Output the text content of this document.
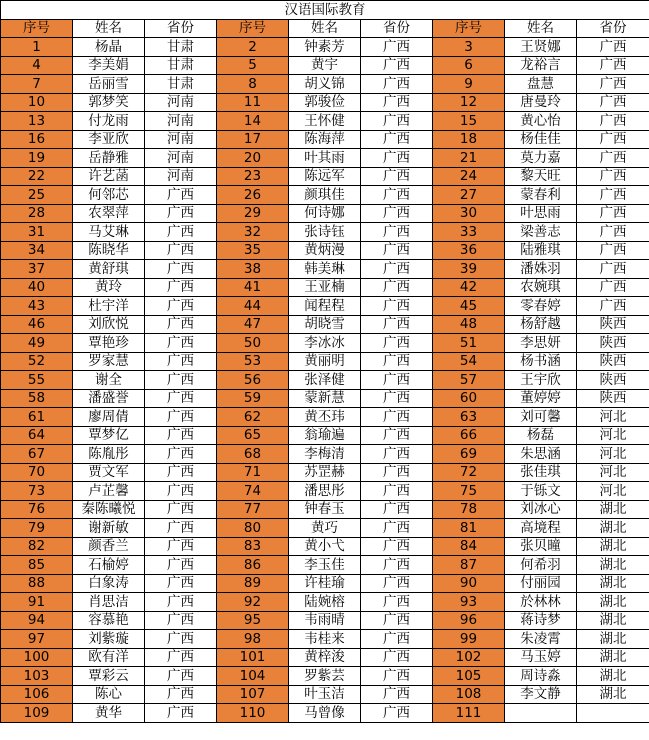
汉语国际教育								
序号	姓名	省份	序号	姓名	省份	序号	姓名	省份
1	杨晶	甘肃	2	钟素芳	广西	3	王贤娜	广西
4	李美娟	甘肃	5	黄宇	广西	6	龙裕言	广西
7	岳丽雪	甘肃	8	胡义锦	广西	9	盘慧	广西
10	郭梦笑	河南	11	郭骏俭	广西	12	唐曼玲	广西
13	付龙雨	河南	14	王怀健	广西	15	黄心怡	广西
16	李亚欣	河南	17	陈海萍	广西	18	杨佳佳	广西
19	岳静雅	河南	20	叶其雨	广西	21	莫力嘉	广西
22	许艺菡	河南	23	陈远军	广西	24	黎天旺	广西
25	何邻芯	广西	26	颜琪佳	广西	27	蒙春利	广西
28	农翠萍	广西	29	何诗娜	广西	30	叶思雨	广西
31	马艾琳	广西	32	张诗钰	广西	33	梁善志	广西
34	陈晓华	广西	35	黄炳漫	广西	36	陆雅琪	广西
37	黄舒琪	广西	38	韩美琳	广西	39	潘姝羽	广西
40	黄玲	广西	41	王亚楠	广西	42	农婉琪	广西
43	杜宇洋	广西	44	闻程程	广西	45	零春婷	广西
46	刘欣悦	广西	47	胡晓雪	广西	48	杨舒越	陕西
49	覃艳珍	广西	50	李冰冰	广西	51	李思妍	陕西
52	罗家慧	广西	53	黄丽明	广西	54	杨书涵	陕西
55	谢全	广西	56	张泽健	广西	57	王宇欣	陕西
58	潘盛誉	广西	59	蒙新慧	广西	60	董婷婷	陕西
61	廖周倩	广西	62	黄丕玮	广西	63	刘可馨	河北
64	覃梦亿	广西	65	翁瑜遍	广西	66	杨磊	河北
67	陈胤彤	广西	68	李梅清	广西	69	朱思涵	河北
70	贾文军	广西	71	苏罡赫	广西	72	张佳琪	河北
73	卢芷馨	广西	74	潘思彤	广西	75	于铄文	河北
76	秦陈曦悦	广西	77	钟春玉	广西	78	刘冰心	湖北
79	谢新敏	广西	80	黄巧	广西	81	高境程	湖北
82	颜香兰	广西	83	黄小弋	广西	84	张贝曈	湖北
85	石榆婷	广西	86	李玉佳	广西	87	何希羽	湖北
88	白象涛	广西	89	许桂瑜	广西	90	付丽园	湖北
91	肖思洁	广西	92	陆婉榕	广西	93	於林林	湖北
94	容慕艳	广西	95	韦雨晴	广西	96	蒋诗梦	湖北
97	刘紫璇	广西	98	韦桂来	广西	99	朱凌霄	湖北
100	欧有洋	广西	101	黄梓浚	广西	102	马玉婷	湖北
103	覃彩云	广西	104	罗紫芸	广西	105	周诗淼	湖北
106	陈心	广西	107	叶玉洁	广西	108	李文静	湖北
109	黄华	广西	110	马曾像	广西	111		
